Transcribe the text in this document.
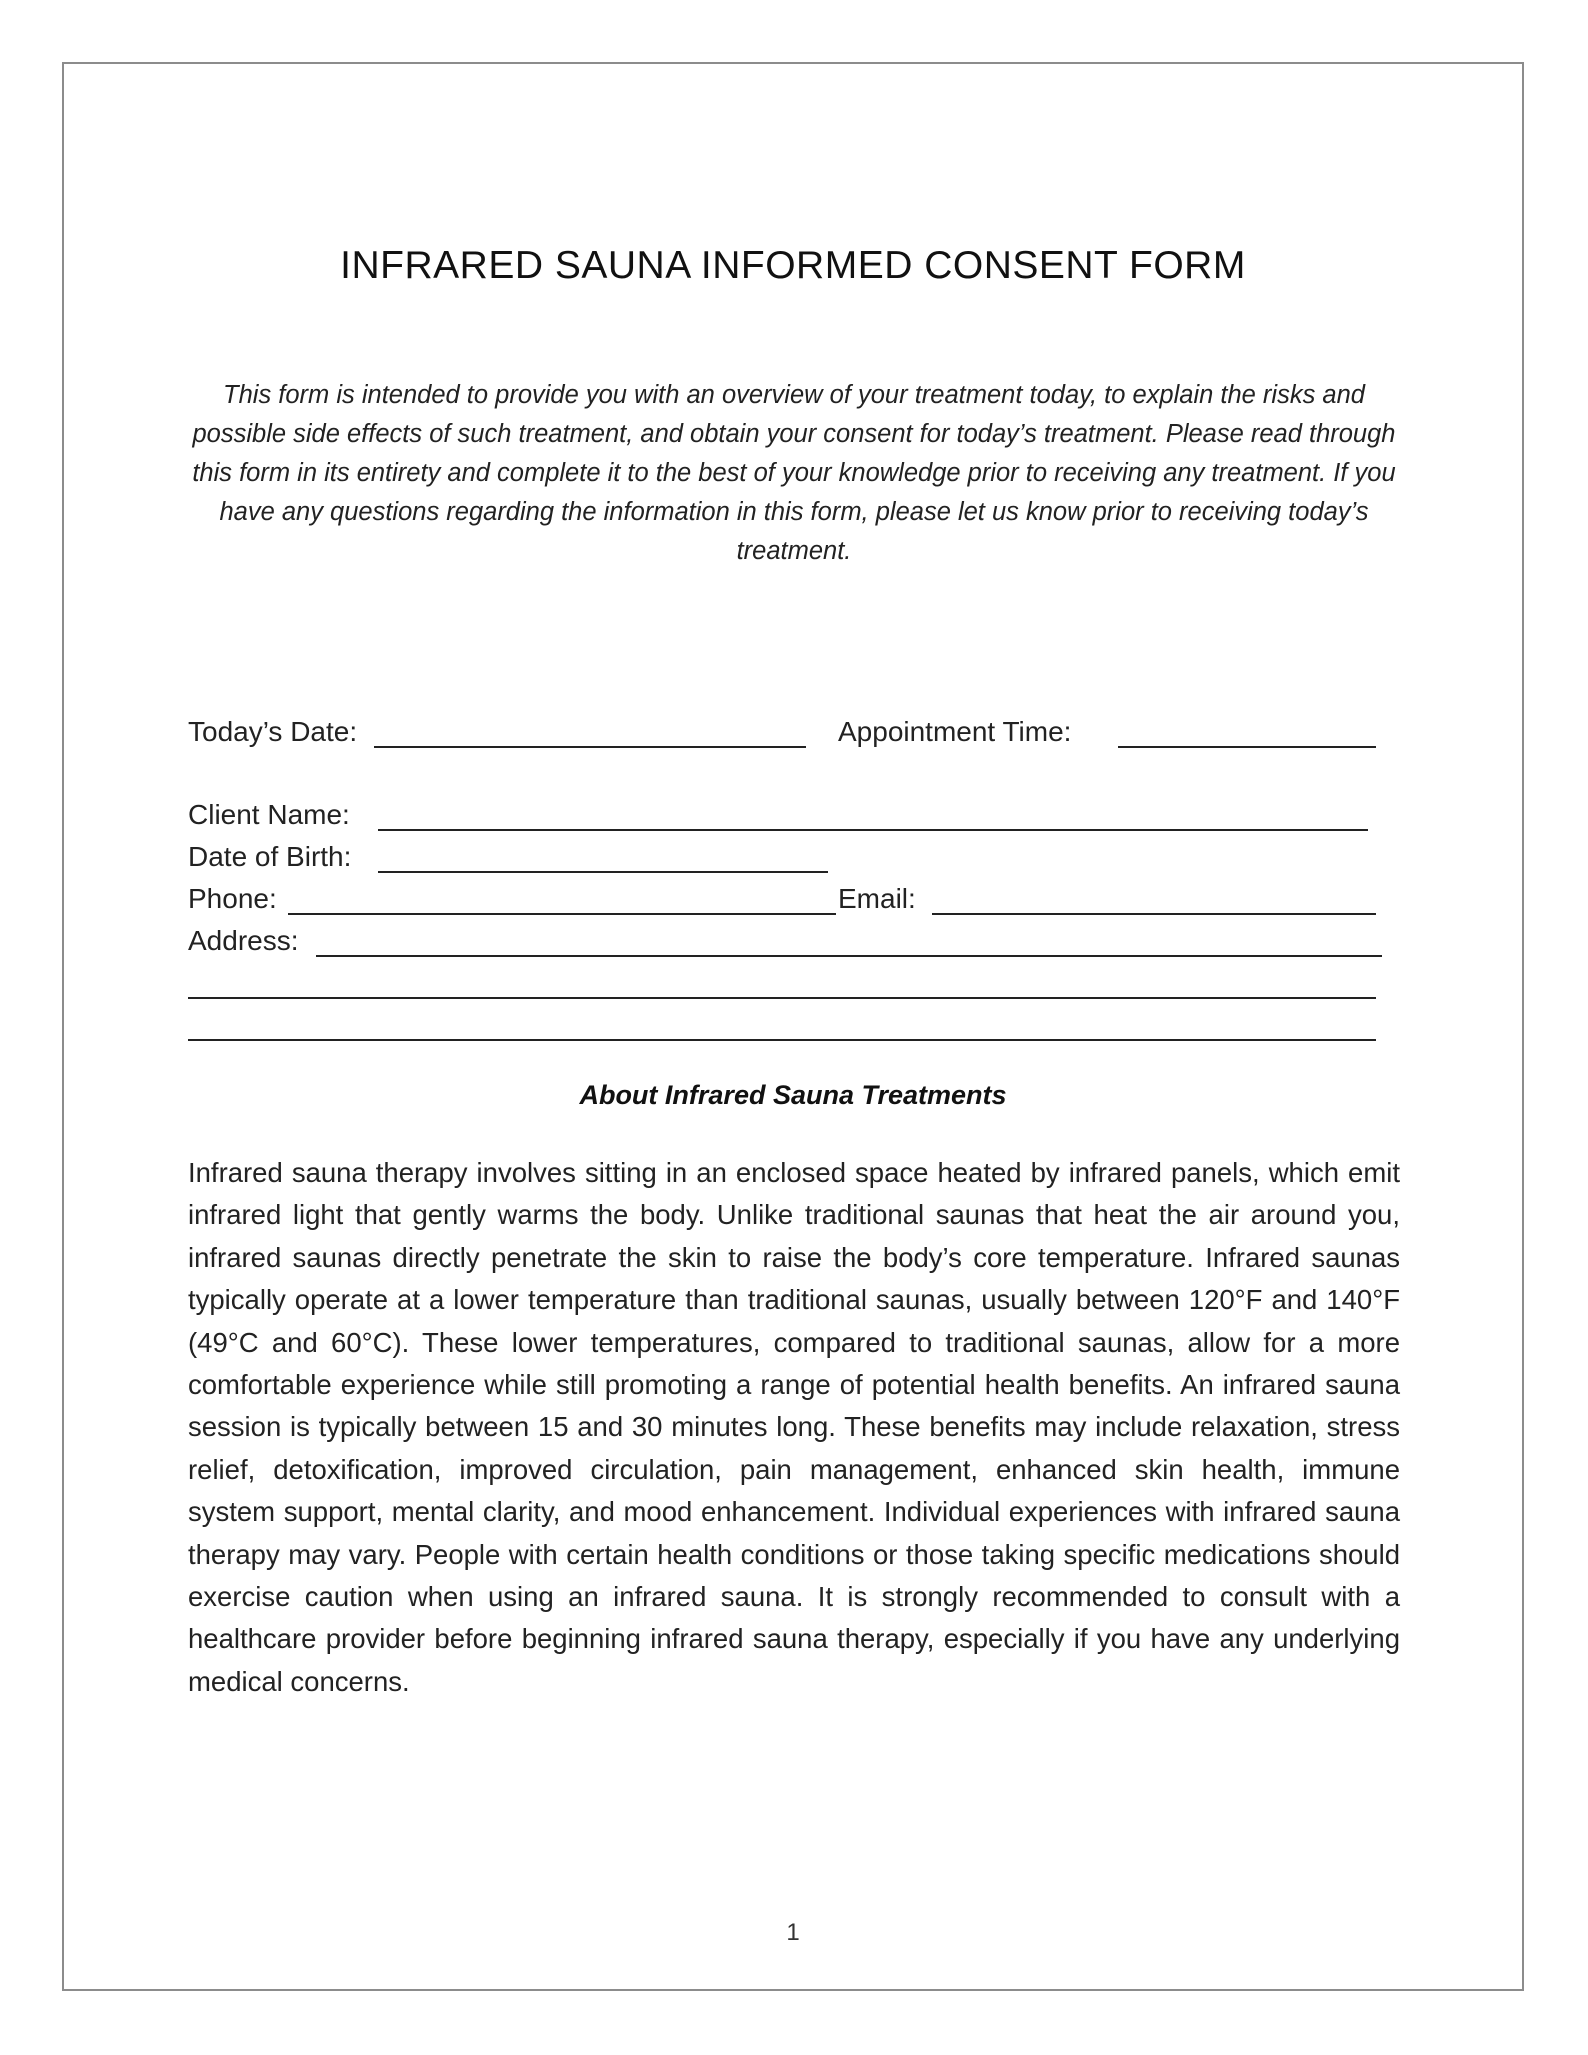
INFRARED SAUNA INFORMED CONSENT FORM

This form is intended to provide you with an overview of your treatment today, to explain the risks and possible side effects of such treatment, and obtain your consent for today’s treatment. Please read through this form in its entirety and complete it to the best of your knowledge prior to receiving any treatment. If you have any questions regarding the information in this form, please let us know prior to receiving today’s treatment.

Today’s Date:	Appointment Time:
Client Name:
Date of Birth:
Phone:	Email:
Address:
About Infrared Sauna Treatments

Infrared sauna therapy involves sitting in an enclosed space heated by infrared panels, which emit infrared light that gently warms the body. Unlike traditional saunas that heat the air around you, infrared saunas directly penetrate the skin to raise the body’s core temperature. Infrared saunas typically operate at a lower temperature than traditional saunas, usually between 120°F and 140°F (49°C and 60°C). These lower temperatures, compared to traditional saunas, allow for a more comfortable experience while still promoting a range of potential health benefits. An infrared sauna session is typically between 15 and 30 minutes long. These benefits may include relaxation, stress relief, detoxification, improved circulation, pain management, enhanced skin health, immune system support, mental clarity, and mood enhancement. Individual experiences with infrared sauna therapy may vary. People with certain health conditions or those taking specific medications should exercise caution when using an infrared sauna. It is strongly recommended to consult with a healthcare provider before beginning infrared sauna therapy, especially if you have any underlying medical concerns.

1
